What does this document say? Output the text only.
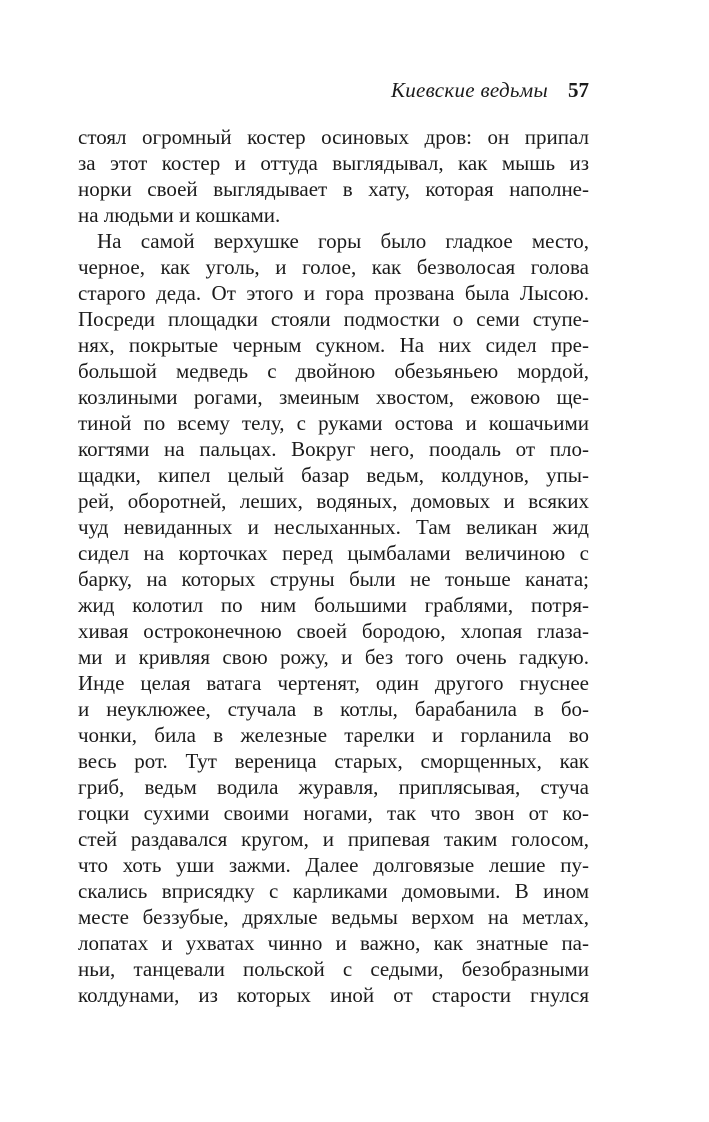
Киевские ведьмы 57
стоял огромный костер осиновых дров: он припал
за этот костер и оттуда выглядывал, как мышь из
норки своей выглядывает в хату, которая наполне-
на людьми и кошками.
На самой верхушке горы было гладкое место,
черное, как уголь, и голое, как безволосая голова
старого деда. От этого и гора прозвана была Лысою.
Посреди площадки стояли подмостки о семи ступе-
нях, покрытые черным сукном. На них сидел пре-
большой медведь с двойною обезьяньею мордой,
козлиными рогами, змеиным хвостом, ежовою ще-
тиной по всему телу, с руками остова и кошачьими
когтями на пальцах. Вокруг него, поодаль от пло-
щадки, кипел целый базар ведьм, колдунов, упы-
рей, оборотней, леших, водяных, домовых и всяких
чуд невиданных и неслыханных. Там великан жид
сидел на корточках перед цымбалами величиною с
барку, на которых струны были не тоньше каната;
жид колотил по ним большими граблями, потря-
хивая остроконечною своей бородою, хлопая глаза-
ми и кривляя свою рожу, и без того очень гадкую.
Инде целая ватага чертенят, один другого гнуснее
и неуклюжее, стучала в котлы, барабанила в бо-
чонки, била в железные тарелки и горланила во
весь рот. Тут вереница старых, сморщенных, как
гриб, ведьм водила журавля, приплясывая, стуча
гоцки сухими своими ногами, так что звон от ко-
стей раздавался кругом, и припевая таким голосом,
что хоть уши зажми. Далее долговязые лешие пу-
скались вприсядку с карликами домовыми. В ином
месте беззубые, дряхлые ведьмы верхом на метлах,
лопатах и ухватах чинно и важно, как знатные па-
ньи, танцевали польской с седыми, безобразными
колдунами, из которых иной от старости гнулся
